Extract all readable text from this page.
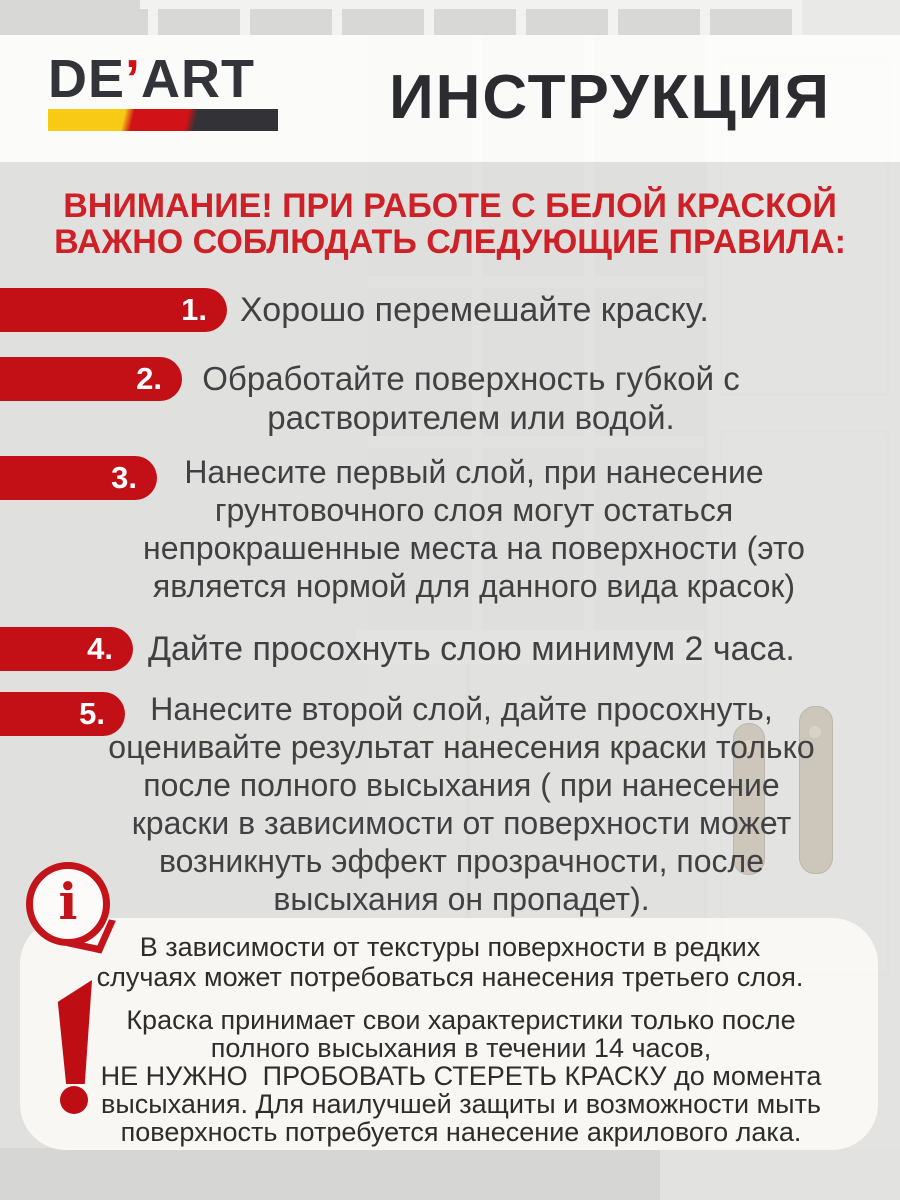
DE’ART	ИНСТРУКЦИЯ
ВНИМАНИЕ! ПРИ РАБОТЕ С БЕЛОЙ КРАСКОЙ
ВАЖНО СОБЛЮДАТЬ СЛЕДУЮЩИЕ ПРАВИЛА:
1. Хорошо перемешайте краску.
2.	Обработайте поверхность губкой с
растворителем или водой.
3.	Нанесите первый слой, при нанесение
грунтовочного слоя могут остаться
непрокрашенные места на поверхности (это
является нормой для данного вида красок)
4. Дайте просохнуть слою минимум 2 часа.
5.	Нанесите второй слой, дайте просохнуть,
оценивайте результат нанесения краски только
после полного высыхания ( при нанесение
краски в зависимости от поверхности может
возникнуть эффект прозрачности, после
высыхания он пропадет).
В зависимости от текстуры поверхности в редких
случаях может потребоваться нанесения третьего слоя.
Краска принимает свои характеристики только после
полного высыхания в течении 14 часов,
НЕ НУЖНО  ПРОБОВАТЬ СТЕРЕТЬ КРАСКУ до момента
высыхания. Для наилучшей защиты и возможности мыть
поверхность потребуется нанесение акрилового лака.
i
